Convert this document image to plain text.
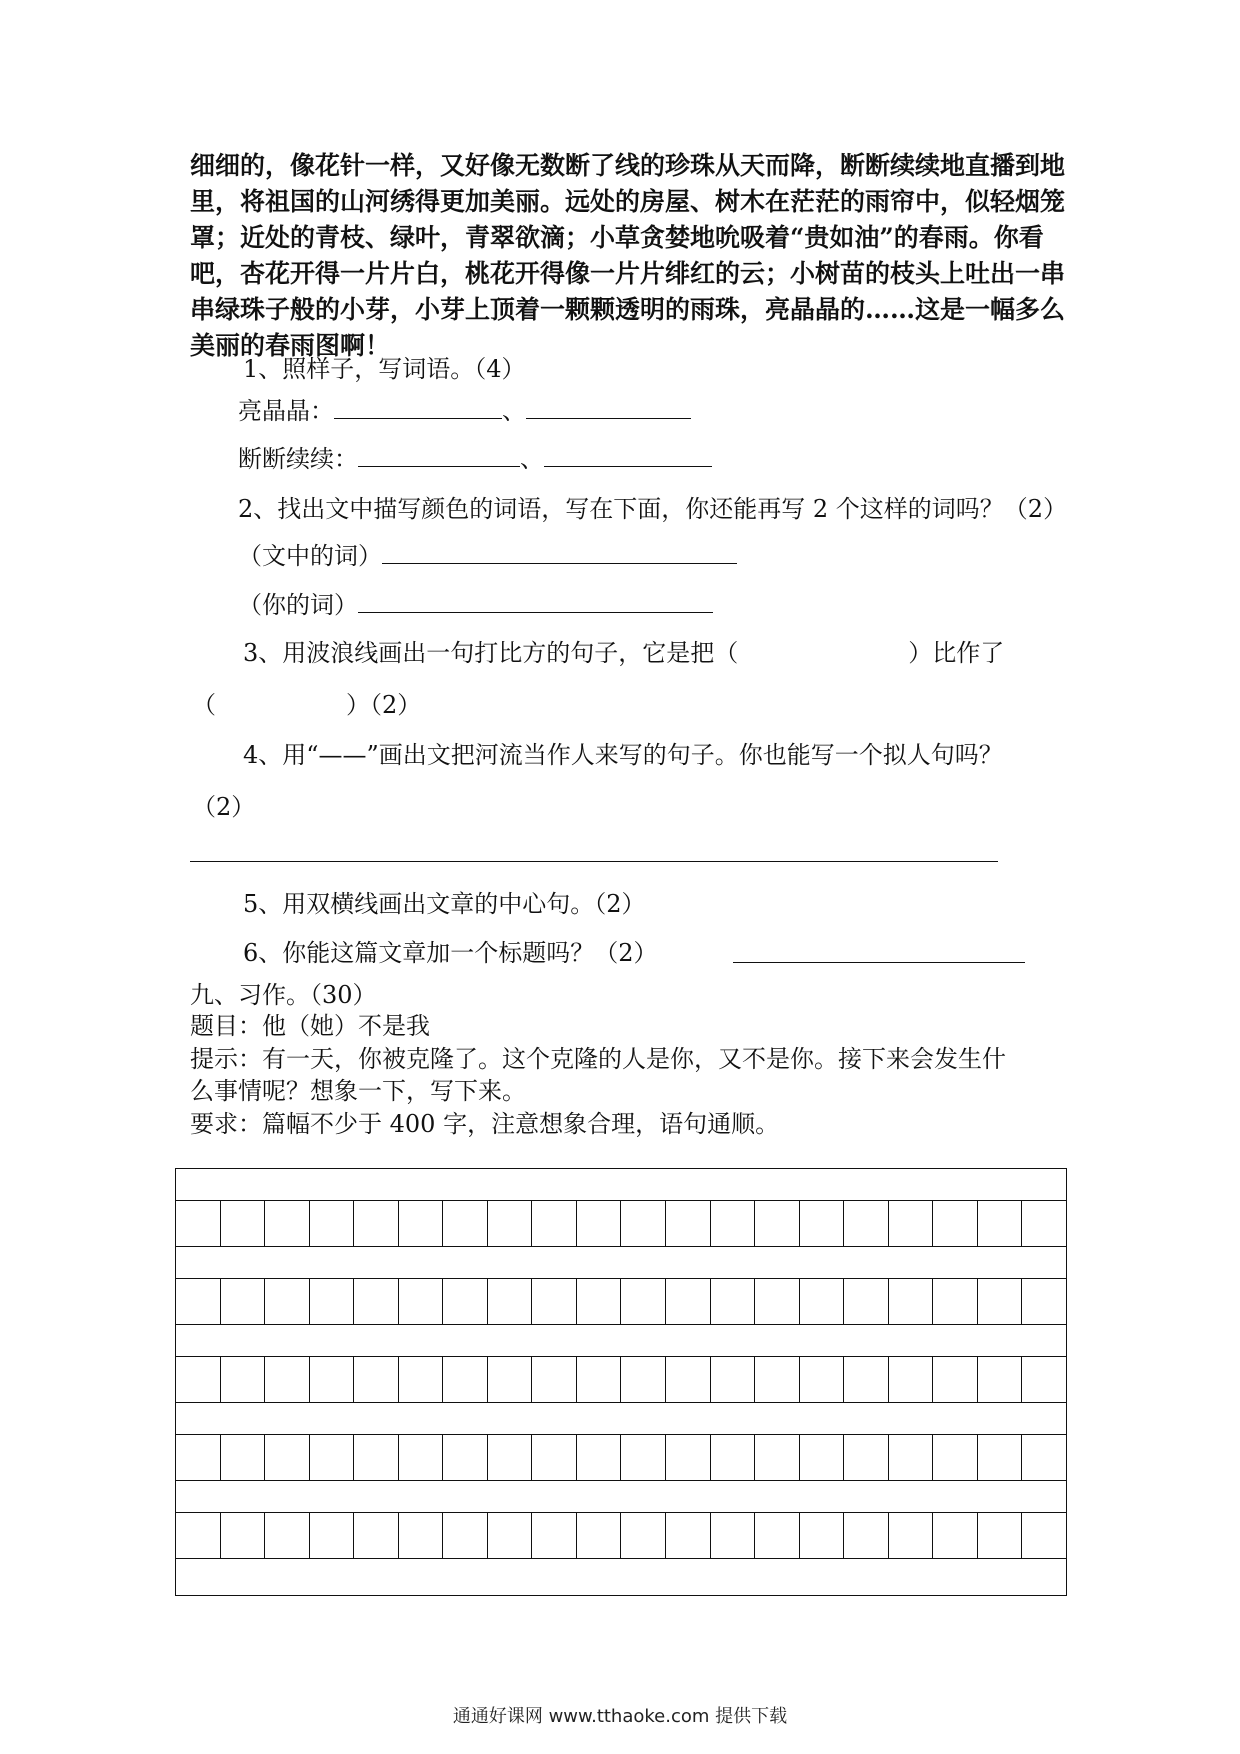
细细的，像花针一样，又好像无数断了线的珍珠从天而降，断断续续地直播到地里，将祖国的山河绣得更加美丽。远处的房屋、树木在茫茫的雨帘中，似轻烟笼罩；近处的青枝、绿叶，青翠欲滴；小草贪婪地吮吸着“贵如油”的春雨。你看吧，杏花开得一片片白，桃花开得像一片片绯红的云；小树苗的枝头上吐出一串串绿珠子般的小芽，小芽上顶着一颗颗透明的雨珠，亮晶晶的……这是一幅多么美丽的春雨图啊！

1、照样子，写词语。（4）
亮晶晶：	、
断断续续：	、
2、找出文中描写颜色的词语，写在下面，你还能再写 2 个这样的词吗？（2）
（文中的词）
（你的词）
3、用波浪线画出一句打比方的句子，它是把（	）比作了
（	）（2）
4、用“——”画出文把河流当作人来写的句子。你也能写一个拟人句吗？
（2）
5、用双横线画出文章的中心句。（2）
6、你能这篇文章加一个标题吗？（2）
九、习作。（30）
题目：他（她）不是我
提示：有一天，你被克隆了。这个克隆的人是你，又不是你。接下来会发生什
么事情呢？想象一下，写下来。
要求：篇幅不少于 400 字，注意想象合理，语句通顺。
通通好课网 www.tthaoke.com 提供下载
